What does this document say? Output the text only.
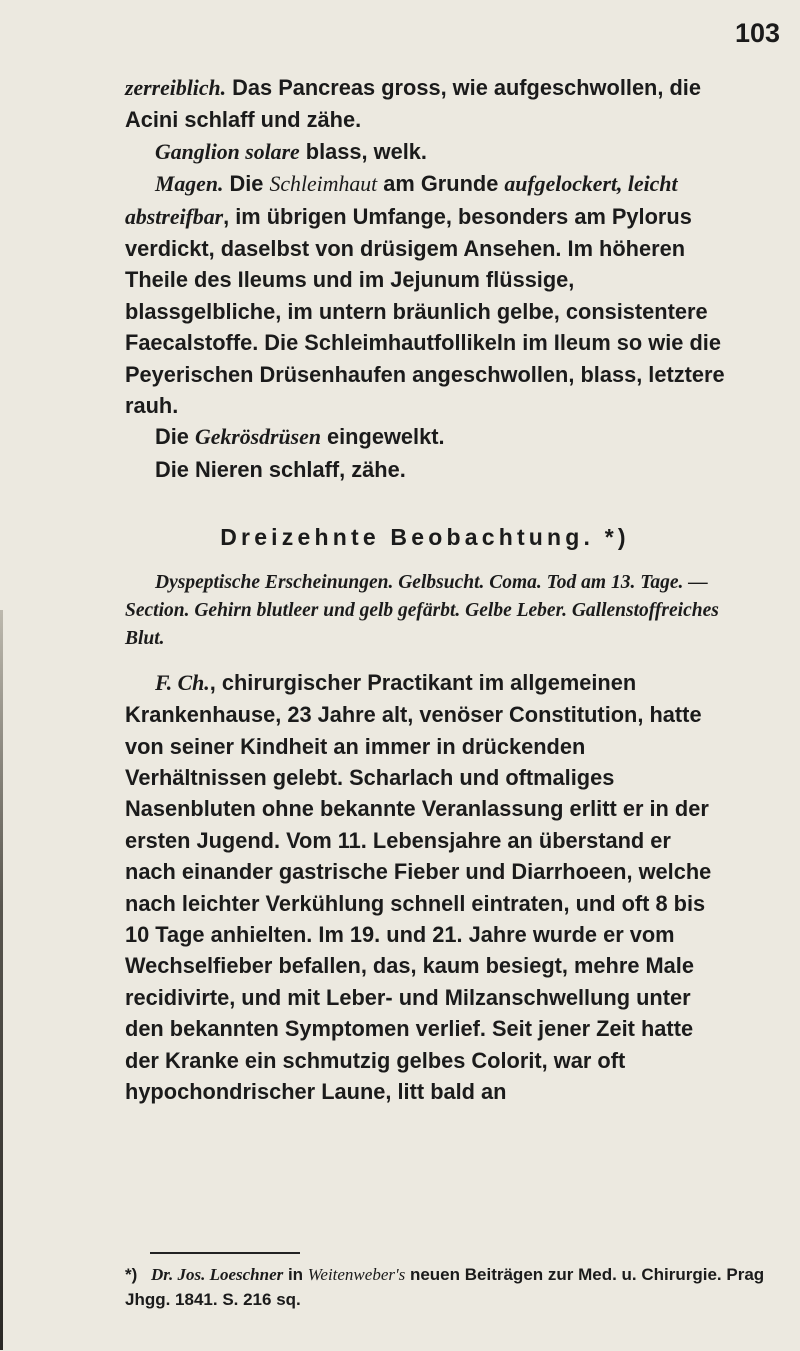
103

zerreiblich. Das Pancreas gross, wie aufgeschwollen, die Acini schlaff und zähe.

Ganglion solare blass, welk.

Magen. Die Schleimhaut am Grunde aufgelockert, leicht abstreifbar, im übrigen Umfange, besonders am Pylorus verdickt, daselbst von drüsigem Ansehen. Im höheren Theile des Ileums und im Jejunum flüssige, blassgelbliche, im untern bräunlich gelbe, consistentere Faecalstoffe. Die Schleimhautfollikeln im Ileum so wie die Peyerischen Drüsenhaufen angeschwollen, blass, letztere rauh.

Die Gekrösdrüsen eingewelkt.

Die Nieren schlaff, zähe.

Dreizehnte Beobachtung. *)

Dyspeptische Erscheinungen. Gelbsucht. Coma. Tod am 13. Tage. — Section. Gehirn blutleer und gelb gefärbt. Gelbe Leber. Gallenstoffreiches Blut.

F. Ch., chirurgischer Practikant im allgemeinen Krankenhause, 23 Jahre alt, venöser Constitution, hatte von seiner Kindheit an immer in drückenden Verhältnissen gelebt. Scharlach und oftmaliges Nasenbluten ohne bekannte Veranlassung erlitt er in der ersten Jugend. Vom 11. Lebensjahre an überstand er nach einander gastrische Fieber und Diarrhoeen, welche nach leichter Verkühlung schnell eintraten, und oft 8 bis 10 Tage anhielten. Im 19. und 21. Jahre wurde er vom Wechselfieber befallen, das, kaum besiegt, mehre Male recidivirte, und mit Leber- und Milzanschwellung unter den bekannten Symptomen verlief. Seit jener Zeit hatte der Kranke ein schmutzig gelbes Colorit, war oft hypochondrischer Laune, litt bald an

*) Dr. Jos. Loeschner in Weitenweber's neuen Beiträgen zur Med. u. Chirurgie. Prag Jhgg. 1841. S. 216 sq.
